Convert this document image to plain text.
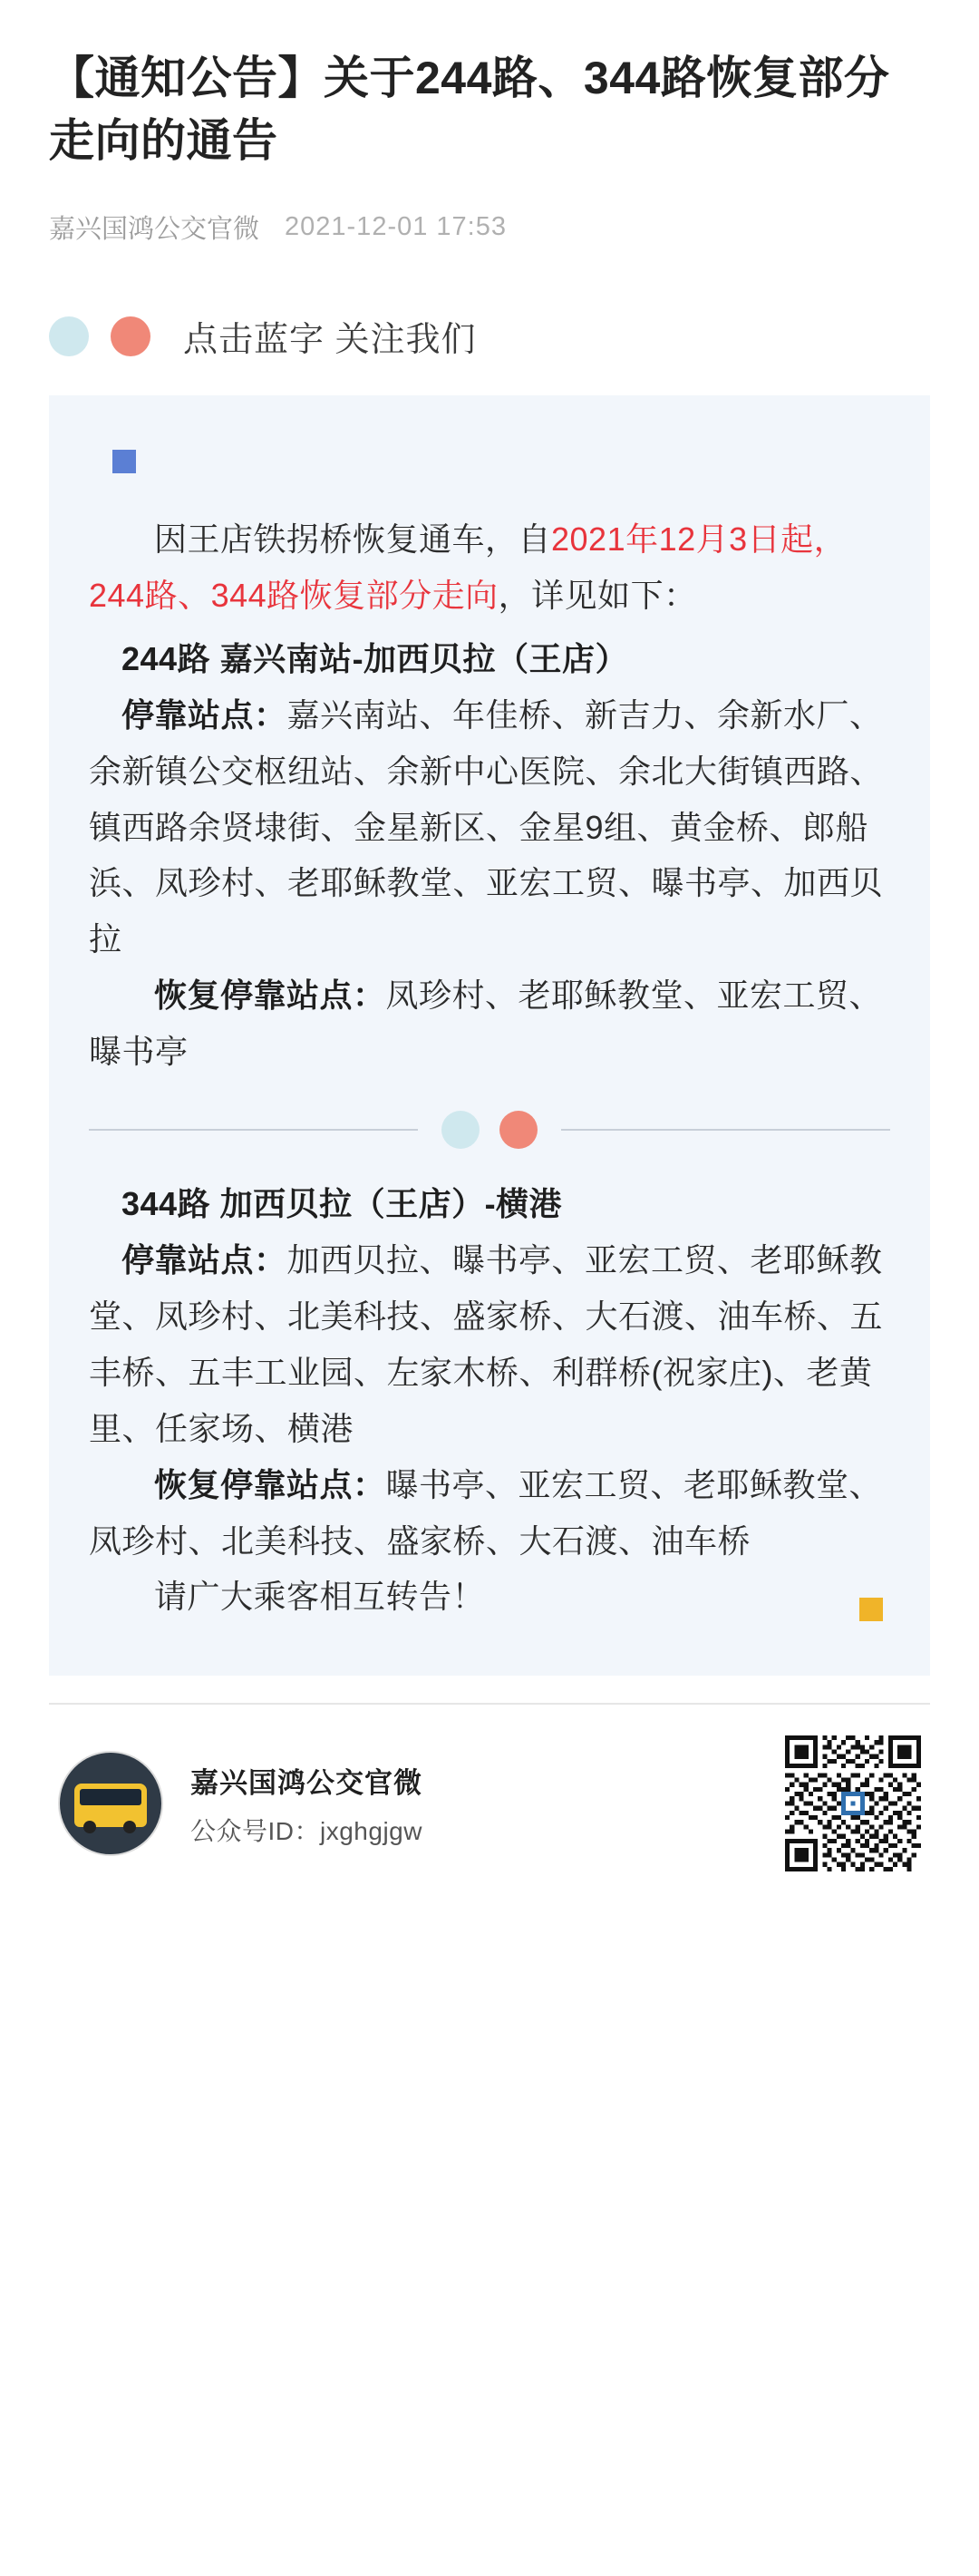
【通知公告】关于244路、344路恢复部分走向的通告
嘉兴国鸿公交官微 2021-12-01 17:53
点击蓝字 关注我们

因王店铁拐桥恢复通车，自2021年12月3日起，244路、344路恢复部分走向，详见如下：

244路 嘉兴南站-加西贝拉（王店）

停靠站点：嘉兴南站、年佳桥、新吉力、余新水厂、余新镇公交枢纽站、余新中心医院、余北大街镇西路、镇西路余贤埭街、金星新区、金星9组、黄金桥、郎船浜、凤珍村、老耶稣教堂、亚宏工贸、曝书亭、加西贝拉

恢复停靠站点：凤珍村、老耶稣教堂、亚宏工贸、曝书亭

344路 加西贝拉（王店）-横港

停靠站点：加西贝拉、曝书亭、亚宏工贸、老耶稣教堂、凤珍村、北美科技、盛家桥、大石渡、油车桥、五丰桥、五丰工业园、左家木桥、利群桥(祝家庄)、老黄里、任家场、横港

恢复停靠站点：曝书亭、亚宏工贸、老耶稣教堂、凤珍村、北美科技、盛家桥、大石渡、油车桥

请广大乘客相互转告！

嘉兴国鸿公交官微
公众号ID：jxghgjgw
